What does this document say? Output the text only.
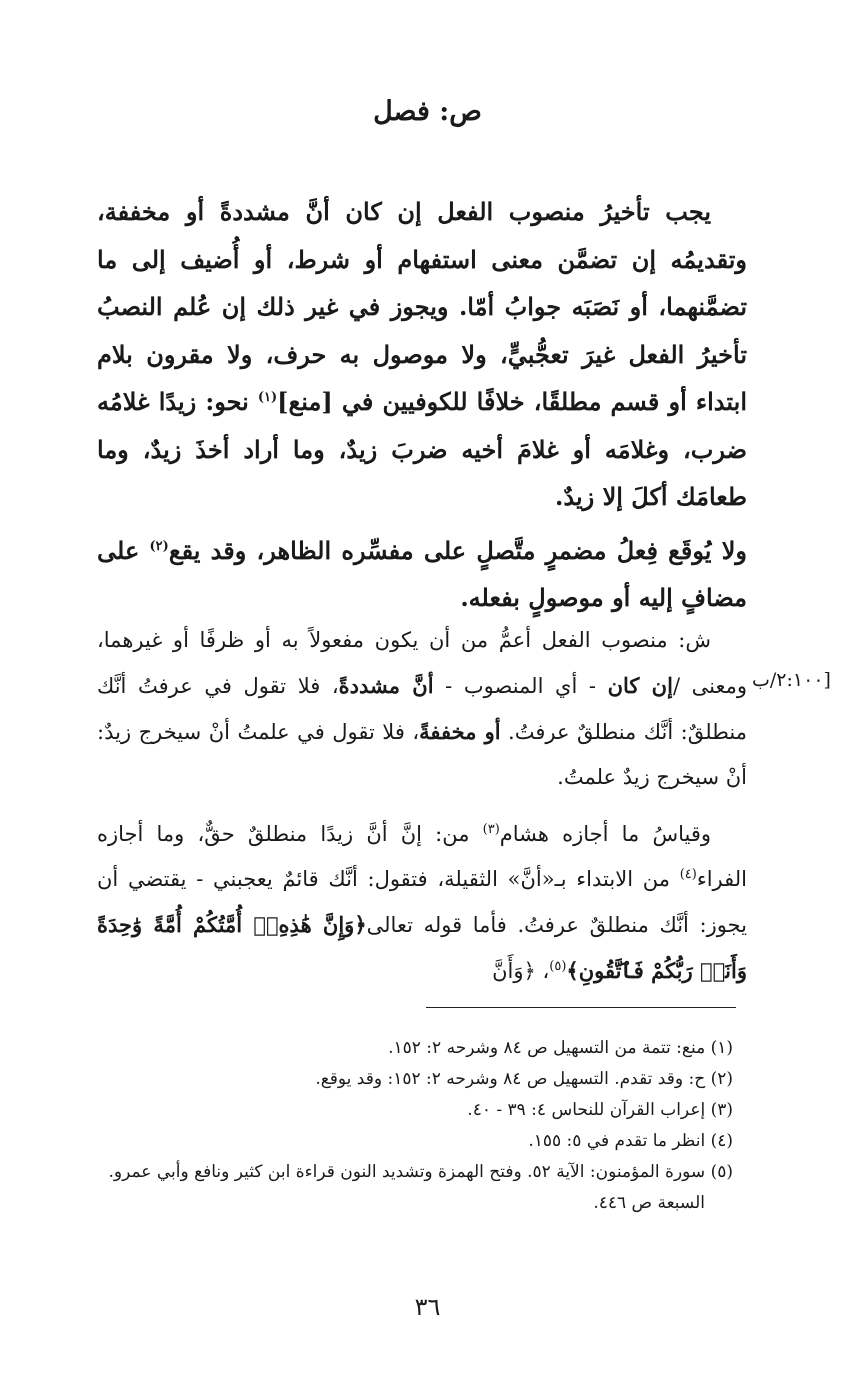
ص: فصل

يجب تأخيرُ منصوب الفعل إن كان أنَّ مشددةً أو مخففة، وتقديمُه إن تضمَّن معنى استفهام أو شرط، أو أُضيف إلى ما تضمَّنهما، أو نَصَبَه جوابُ أمّا. ويجوز في غير ذلك إن عُلم النصبُ تأخيرُ الفعل غيرَ تعجُّبيٍّ، ولا موصول به حرف، ولا مقرون بلام ابتداء أو قسم مطلقًا، خلافًا للكوفيين في [منع]$^{(١)}$ نحو: زيدًا غلامُه ضرب، وغلامَه أو غلامَ أخيه ضربَ زيدٌ، وما أراد أخذَ زيدٌ، وما طعامَك أكلَ إلا زيدٌ.

ولا يُوقَع فِعلُ مضمرٍ متَّصلٍ على مفسِّره الظاهر، وقد يقع$^{(٢)}$ على مضافٍ إليه أو موصولٍ بفعله.

ش: منصوب الفعل أعمُّ من أن يكون مفعولاً به أو ظرفًا أو غيرهما، ومعنى /إن كان - أي المنصوب - أنَّ مشددةً، فلا تقول في عرفتُ أنَّك منطلقٌ: أنَّك منطلقٌ عرفتُ. أو مخففةً، فلا تقول في علمتُ أنْ سيخرج زيدٌ: أنْ سيخرج زيدٌ علمتُ.

وقياسُ ما أجازه هشام$^{(٣)}$ من: إنَّ أنَّ زيدًا منطلقٌ حقٌّ، وما أجازه الفراء$^{(٤)}$ من الابتداء بـ«أنَّ» الثقيلة، فتقول: أنَّك قائمٌ يعجبني - يقتضي أن يجوز: أنَّك منطلقٌ عرفتُ. فأما قوله تعالى﴿وَإِنَّ هَٰذِهِۦٓ أُمَّتُكُمْ أُمَّةً وَٰحِدَةً وَأَنَا۠ رَبُّكُمْ فَٱتَّقُونِ﴾$^{(٥)}$، ﴿وَأَنَّ

٢:١٠٠/ب]
(١) منع: تتمة من التسهيل ص ٨٤ وشرحه ٢: ١٥٢.
(٢) ح: وقد تقدم. التسهيل ص ٨٤ وشرحه ٢: ١٥٢: وقد يوقع.
(٣) إعراب القرآن للنحاس ٤: ٣٩ - ٤٠.
(٤) انظر ما تقدم في ٥: ١٥٥.
(٥) سورة المؤمنون: الآية ٥٢. وفتح الهمزة وتشديد النون قراءة ابن كثير ونافع وأبي عمرو.
السبعة ص ٤٤٦.
٣٦
